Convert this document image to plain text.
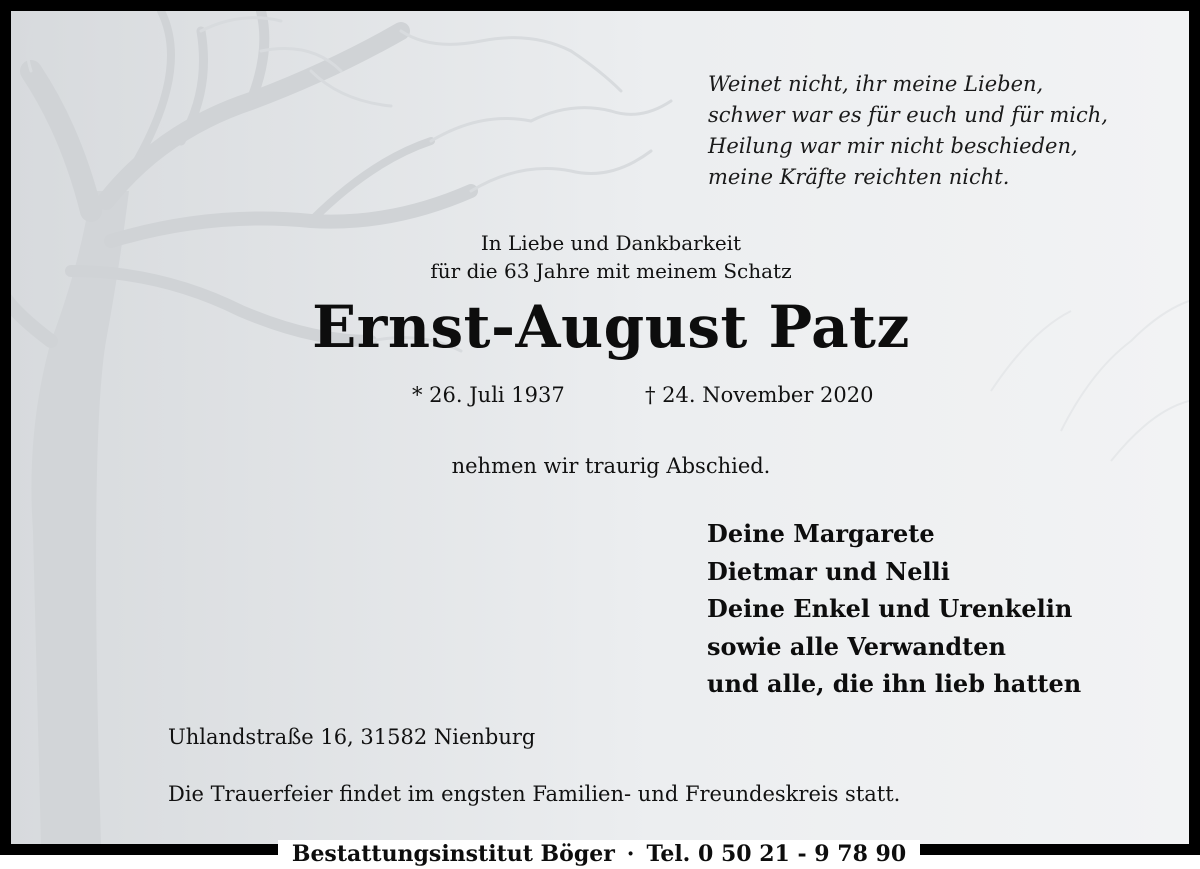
Weinet nicht, ihr meine Lieben,
schwer war es für euch und für mich,
Heilung war mir nicht beschieden,
meine Kräfte reichten nicht.
In Liebe und Dankbarkeit
für die 63 Jahre mit meinem Schatz
Ernst-August Patz
* 26. Juli 1937	† 24. November 2020
nehmen wir traurig Abschied.
Deine Margarete
Dietmar und Nelli
Deine Enkel und Urenkelin
sowie alle Verwandten
und alle, die ihn lieb hatten
Uhlandstraße 16, 31582 Nienburg
Die Trauerfeier findet im engsten Familien- und Freundeskreis statt.
Bestattungsinstitut Böger · Tel. 0 50 21 - 9 78 90
